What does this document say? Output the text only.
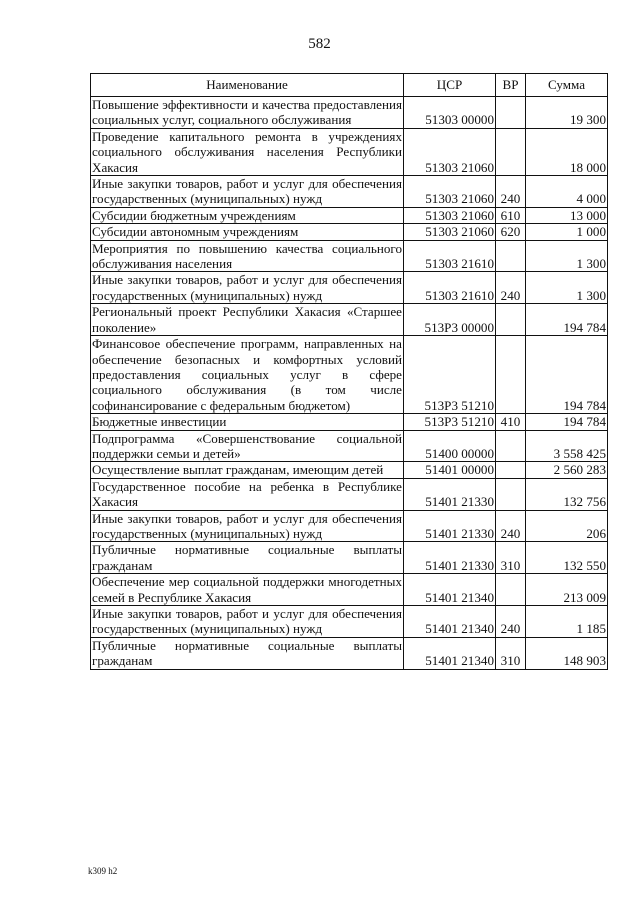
582
Наименование	ЦСР	ВР	Сумма
Повышение эффективности и качества предоставления социальных услуг, социального обслуживания	51303 00000		19 300
Проведение капитального ремонта в учреждениях социального обслуживания населения Республики Хакасия	51303 21060		18 000
Иные закупки товаров, работ и услуг для обеспечения государственных (муниципальных) нужд	51303 21060	240	4 000
Субсидии бюджетным учреждениям	51303 21060	610	13 000
Субсидии автономным учреждениям	51303 21060	620	1 000
Мероприятия по повышению качества социального обслуживания населения	51303 21610		1 300
Иные закупки товаров, работ и услуг для обеспечения государственных (муниципальных) нужд	51303 21610	240	1 300
Региональный проект Республики Хакасия «Старшее поколение»	513P3 00000		194 784
Финансовое обеспечение программ, направленных на обеспечение безопасных и комфортных условий предоставления социальных услуг в сфере социального обслуживания (в том числе софинансирование с федеральным бюджетом)	513P3 51210		194 784
Бюджетные инвестиции	513P3 51210	410	194 784
Подпрограмма «Совершенствование социальной поддержки семьи и детей»	51400 00000		3 558 425
Осуществление выплат гражданам, имеющим детей	51401 00000		2 560 283
Государственное пособие на ребенка в Республике Хакасия	51401 21330		132 756
Иные закупки товаров, работ и услуг для обеспечения государственных (муниципальных) нужд	51401 21330	240	206
Публичные нормативные социальные выплаты гражданам	51401 21330	310	132 550
Обеспечение мер социальной поддержки многодетных семей в Республике Хакасия	51401 21340		213 009
Иные закупки товаров, работ и услуг для обеспечения государственных (муниципальных) нужд	51401 21340	240	1 185
Публичные нормативные социальные выплаты гражданам	51401 21340	310	148 903
k309 h2
